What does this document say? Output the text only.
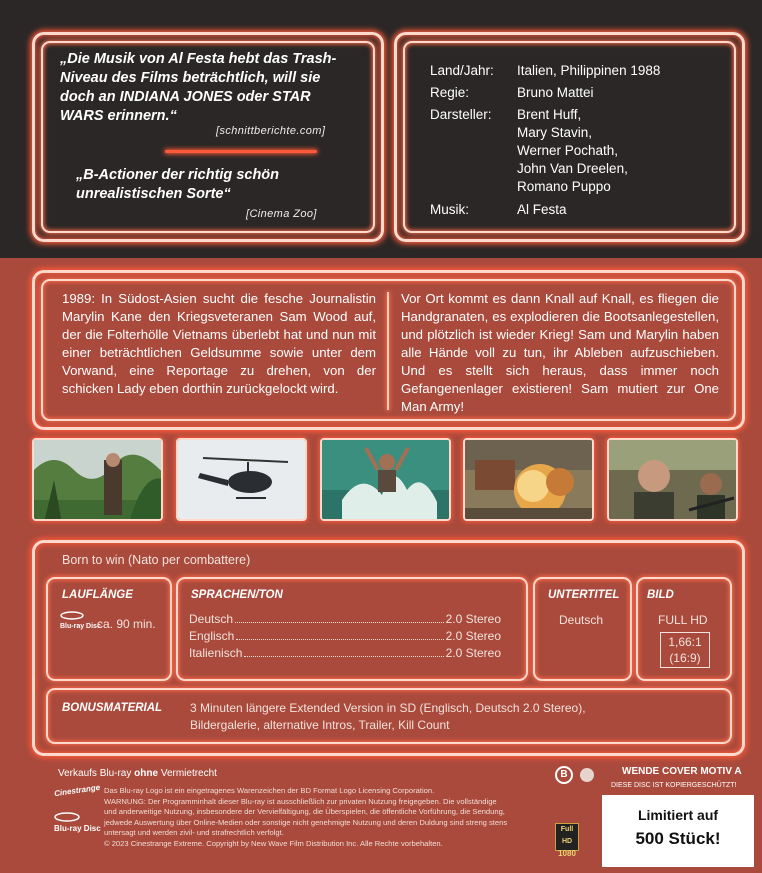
„Die Musik von Al Festa hebt das Trash-Niveau des Films beträchtlich, will sie doch an INDIANA JONES oder STAR WARS erinnern.“
[schnittberichte.com]
„B-Actioner der richtig schön unrealistischen Sorte“
[Cinema Zoo]
Land/Jahr:	Italien, Philippinen 1988
Regie:	Bruno Mattei
Darsteller:	Brent Huff,
Mary Stavin,
Werner Pochath,
John Van Dreelen,
Romano Puppo
Musik:	Al Festa
1989: In Südost-Asien sucht die fesche Journalistin Marylin Kane den Kriegsveteranen Sam Wood auf, der die Folterhölle Vietnams überlebt hat und nun mit einer beträchtlichen Geldsumme sowie unter dem Vorwand, eine Reportage zu drehen, von der schicken Lady eben dorthin zurückgelockt wird.
Vor Ort kommt es dann Knall auf Knall, es fliegen die Handgranaten, es explodieren die Bootsanlegestellen, und plötzlich ist wieder Krieg! Sam und Marylin haben alle Hände voll zu tun, ihr Ableben aufzuschieben. Und es stellt sich heraus, dass immer noch Gefangenenlager existieren! Sam mutiert zur One Man Army!
Born to win (Nato per combattere)
LAUFLÄNGE
Blu-ray Disc
ca. 90 min.
SPRACHEN/TON
Deutsch	2.0 Stereo
Englisch	2.0 Stereo
Italienisch	2.0 Stereo
UNTERTITEL
Deutsch
BILD
FULL HD
1,66:1
(16:9)
BONUSMATERIAL 3 Minuten längere Extended Version in SD (Englisch, Deutsch 2.0 Stereo), Bildergalerie, alternative Intros, Trailer, Kill Count
Verkaufs Blu-ray ohne Vermietrecht
Cinestrange
Blu-ray Disc
Das Blu-ray Logo ist ein eingetragenes Warenzeichen der BD Format Logo Licensing Corporation.
WARNUNG: Der Programminhalt dieser Blu-ray ist ausschließlich zur privaten Nutzung freigegeben. Die vollständige
und anderweitige Nutzung, insbesondere der Vervielfältigung, die Überspielen, die öffentliche Vorführung, die Sendung,
jedwede Auswertung über Online-Medien oder sonstige nicht genehmigte Nutzung und deren Duldung sind streng stens
untersagt und werden zivil- und strafrechtlich verfolgt.
© 2023 Cinestrange Extreme. Copyright by New Wave Film Distribution Inc. Alle Rechte vorbehalten.
B
Full HD
1080
WENDE COVER MOTIV A
DIESE DISC IST KOPIERGESCHÜTZT!
Limitiert auf
500 Stück!
